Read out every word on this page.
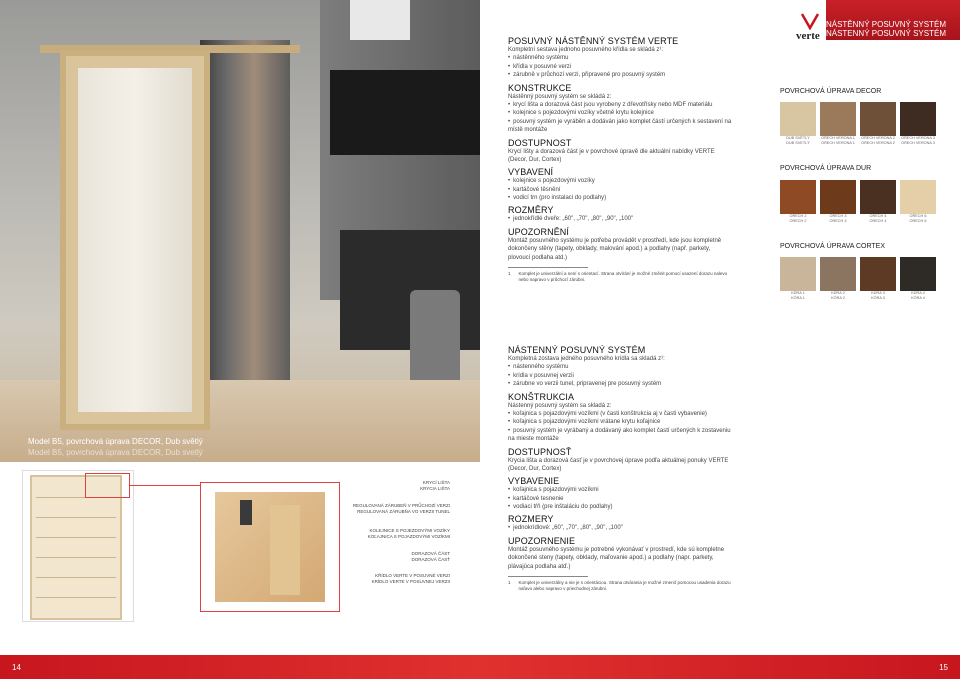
Model B5, povrchová úprava DECOR, Dub světlý
Model B5, povrchová úprava DECOR, Dub svetlý
KRYCÍ LIŠTA
KRYCIA LIŠTA
REGULOVANÁ ZÁRUBEŇ V PRŮCHOZÍ VERZI
REGULOVANÁ ZÁRUBŇA VO VERZII TUNEL
KOLEJNICE S POJEZDOVÝMI VOZÍKY
KOĽAJNICA S POJAZDOVÝMI VOZÍKMI
DORAZOVÁ ČÁST
DORAZOVÁ ČASŤ
KŘÍDLO VERTE V POSUVNÉ VERZI
KRÍDLO VERTE V POSUVNEJ VERZII
POSUVNÝ NÁSTĚNNÝ SYSTÉM VERTE
Kompletní sestava jednoho posuvného křídla se skládá z¹:
• nástěnného systému
• křídla v posuvné verzi
• zárubně v průchozí verzi, připravené pro posuvný systém
KONSTRUKCE
Nástěnný posuvný systém se skládá z:
• krycí lišta a dorazová část jsou vyrobeny z dřevotřísky nebo MDF materiálu
• kolejnice s pojezdovými vozíky včetně krytu kolejnice
• posuvný systém je vyráběn a dodáván jako komplet částí určených k sestavení na místě montáže
DOSTUPNOST
Krycí lišty a dorazová část je v povrchové úpravě dle aktuální nabídky VERTE (Decor, Dur, Cortex)
VYBAVENÍ
• kolejnice s pojezdovými vozíky
• kartáčové těsnění
• vodicí trn (pro instalaci do podlahy)
ROZMĚRY
• jednokřídlé dveře: „60", „70", „80", „90", „100"
UPOZORNĚNÍ
Montáž posuvného systému je potřeba provádět v prostředí, kde jsou kompletně dokončeny stěny (tapety, obklady, malování apod.) a podlahy (např. parkety, plovoucí podlaha atd.)
1 Komplet je univerzální a není s orientací. Strana otvírání je možné změnit pomocí usazení dorazu nalevo nebo napravo v průchozí zárubni.
NÁSTENNÝ POSUVNÝ SYSTÉM
Kompletná zostava jedného posuvného krídla sa skladá z¹:
• nástenného systému
• krídla v posuvnej verzii
• zárubne vo verzii tunel, pripravenej pre posuvný systém
KONŠTRUKCIA
Nástenný posuvný systém sa skladá z:
• koľajnica s pojazdovými vozíkmi (v časti konštrukcia aj v časti vybavenie)
• koľajnica s pojazdovými vozíkmi vrátane krytu koľajnice
• posuvný systém je vyrábaný a dodávaný ako komplet častí určených k zostaveniu na mieste montáže
DOSTUPNOSŤ
Krycia lišta a dorazová časť je v povrchovej úprave podľa aktuálnej ponuky VERTE (Decor, Dur, Cortex)
VYBAVENIE
• koľajnica s pojazdovými vozíkmi
• kartáčové tesnenie
• vodiaci tŕň (pre inštaláciu do podlahy)
ROZMERY
• jednokrídlové: „60", „70", „80", „90", „100"
UPOZORNENIE
Montáž posuvného systému je potrebné vykonávať v prostredí, kde sú kompletne dokončené steny (tapety, obklady, maľovanie apod.) a podlahy (napr. parkety, plávajúca podlaha atď.)
1 Komplet je univerzálny a nie je s orientáciou. Strana otvárania je možné zmeniť pomocou usadenia dorazu naľavo alebo napravo v priechodnej zárubni.
NÁSTĚNNÝ POSUVNÝ SYSTÉM
NÁSTENNÝ POSUVNÝ SYSTÉM
verte
POVRCHOVÁ ÚPRAVA DECOR
DUB SVĚTLÝ
DUB SVETLÝ
OŘECH VERONA 1
ORECH VERONA 1
OŘECH VERONA 2
ORECH VERONA 2
OŘECH VERONA 3
ORECH VERONA 3
POVRCHOVÁ ÚPRAVA DUR
OŘECH 2
ORECH 2
OŘECH 3
ORECH 3
OŘECH 4
ORECH 4
OŘECH 6
ORECH 6
POVRCHOVÁ ÚPRAVA CORTEX
KŮRA 1
KÔRA 1
KŮRA 2
KÔRA 2
KŮRA 3
KÔRA 3
KŮRA 4
KÔRA 4
14	15
